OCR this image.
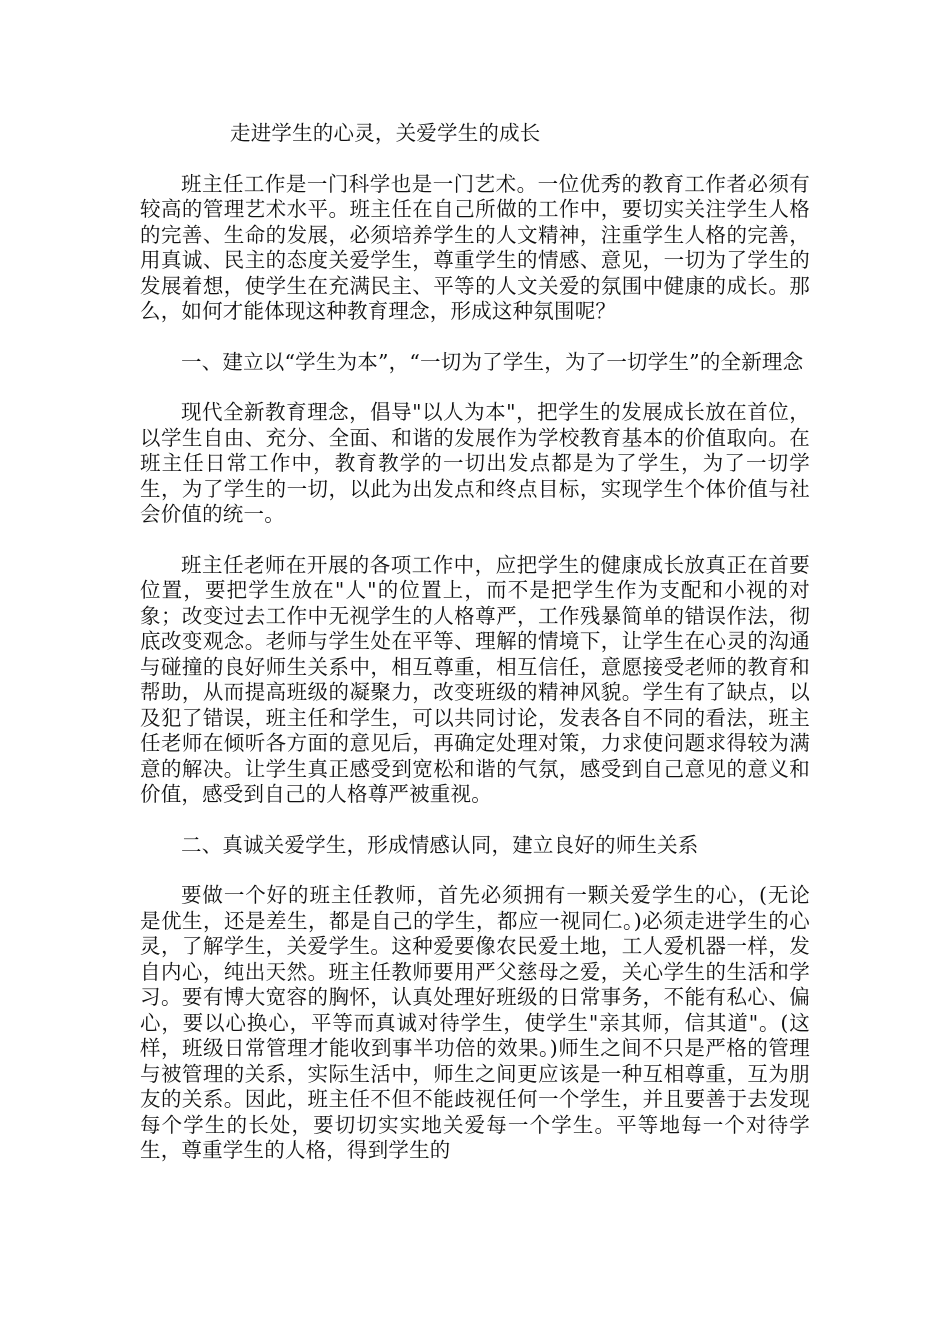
走进学生的心灵，关爱学生的成长

班主任工作是一门科学也是一门艺术。一位优秀的教育工作者必须有较高的管理艺术水平。班主任在自己所做的工作中，要切实关注学生人格的完善、生命的发展，必须培养学生的人文精神，注重学生人格的完善，用真诚、民主的态度关爱学生，尊重学生的情感、意见，一切为了学生的发展着想，使学生在充满民主、平等的人文关爱的氛围中健康的成长。那么，如何才能体现这种教育理念，形成这种氛围呢？

一、建立以“学生为本”，“一切为了学生，为了一切学生”的全新理念

现代全新教育理念，倡导"以人为本"，把学生的发展成长放在首位，以学生自由、充分、全面、和谐的发展作为学校教育基本的价值取向。在班主任日常工作中，教育教学的一切出发点都是为了学生，为了一切学生，为了学生的一切，以此为出发点和终点目标，实现学生个体价值与社会价值的统一。

班主任老师在开展的各项工作中，应把学生的健康成长放真正在首要位置，要把学生放在"人"的位置上，而不是把学生作为支配和小视的对象；改变过去工作中无视学生的人格尊严，工作残暴简单的错误作法，彻底改变观念。老师与学生处在平等、理解的情境下，让学生在心灵的沟通与碰撞的良好师生关系中，相互尊重，相互信任，意愿接受老师的教育和帮助，从而提高班级的凝聚力，改变班级的精神风貌。学生有了缺点，以及犯了错误，班主任和学生，可以共同讨论，发表各自不同的看法，班主任老师在倾听各方面的意见后，再确定处理对策，力求使问题求得较为满意的解决。让学生真正感受到宽松和谐的气氛，感受到自己意见的意义和价值，感受到自己的人格尊严被重视。

二、真诚关爱学生，形成情感认同，建立良好的师生关系

要做一个好的班主任教师，首先必须拥有一颗关爱学生的心，(无论是优生，还是差生，都是自己的学生，都应一视同仁。)必须走进学生的心灵，了解学生，关爱学生。这种爱要像农民爱土地，工人爱机器一样，发自内心，纯出天然。班主任教师要用严父慈母之爱，关心学生的生活和学习。要有博大宽容的胸怀，认真处理好班级的日常事务，不能有私心、偏心，要以心换心，平等而真诚对待学生，使学生"亲其师，信其道"。(这样，班级日常管理才能收到事半功倍的效果。)师生之间不只是严格的管理与被管理的关系，实际生活中，师生之间更应该是一种互相尊重，互为朋友的关系。因此，班主任不但不能歧视任何一个学生，并且要善于去发现每个学生的长处，要切切实实地关爱每一个学生。平等地每一个对待学生，尊重学生的人格，得到学生的
